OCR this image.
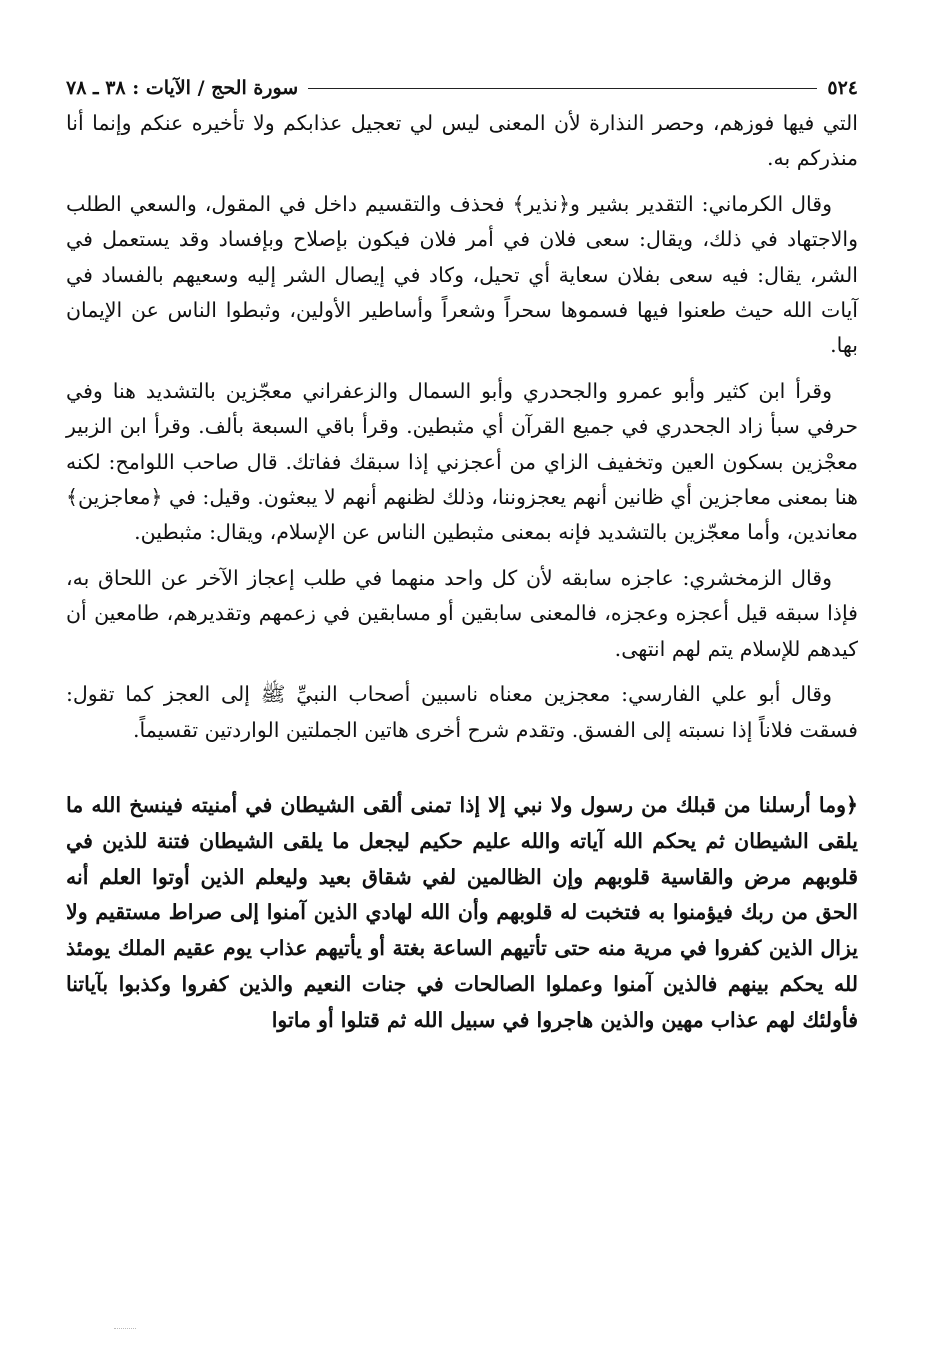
٥٢٤
سورة الحج / الآيات : ٣٨ ـ ٧٨

التي فيها فوزهم، وحصر النذارة لأن المعنى ليس لي تعجيل عذابكم ولا تأخيره عنكم وإنما أنا منذركم به.

وقال الكرماني: التقدير بشير و﴿نذير﴾ فحذف والتقسيم داخل في المقول، والسعي الطلب والاجتهاد في ذلك، ويقال: سعى فلان في أمر فلان فيكون بإصلاح وبإفساد وقد يستعمل في الشر، يقال: فيه سعى بفلان سعاية أي تحيل، وكاد في إيصال الشر إليه وسعيهم بالفساد في آيات الله حيث طعنوا فيها فسموها سحراً وشعراً وأساطير الأولين، وثبطوا الناس عن الإيمان بها.

وقرأ ابن كثير وأبو عمرو والجحدري وأبو السمال والزعفراني معجّزين بالتشديد هنا وفي حرفي سبأ زاد الجحدري في جميع القرآن أي مثبطين. وقرأ باقي السبعة بألف. وقرأ ابن الزبير معجْزين بسكون العين وتخفيف الزاي من أعجزني إذا سبقك ففاتك. قال صاحب اللوامح: لكنه هنا بمعنى معاجزين أي ظانين أنهم يعجزوننا، وذلك لظنهم أنهم لا يبعثون. وقيل: في ﴿معاجزين﴾ معاندين، وأما معجّزين بالتشديد فإنه بمعنى مثبطين الناس عن الإسلام، ويقال: مثبطين.

وقال الزمخشري: عاجزه سابقه لأن كل واحد منهما في طلب إعجاز الآخر عن اللحاق به، فإذا سبقه قيل أعجزه وعجزه، فالمعنى سابقين أو مسابقين في زعمهم وتقديرهم، طامعين أن كيدهم للإسلام يتم لهم انتهى.

وقال أبو علي الفارسي: معجزين معناه ناسبين أصحاب النبيِّ ﷺ إلى العجز كما تقول: فسقت فلاناً إذا نسبته إلى الفسق. وتقدم شرح أخرى هاتين الجملتين الواردتين تقسيماً.

﴿وما أرسلنا من قبلك من رسول ولا نبي إلا إذا تمنى ألقى الشيطان في أمنيته فينسخ الله ما يلقى الشيطان ثم يحكم الله آياته والله عليم حكيم ليجعل ما يلقى الشيطان فتنة للذين في قلوبهم مرض والقاسية قلوبهم وإن الظالمين لفي شقاق بعيد وليعلم الذين أوتوا العلم أنه الحق من ربك فيؤمنوا به فتخبت له قلوبهم وأن الله لهادي الذين آمنوا إلى صراط مستقيم ولا يزال الذين كفروا في مرية منه حتى تأتيهم الساعة بغتة أو يأتيهم عذاب يوم عقيم الملك يومئذ لله يحكم بينهم فالذين آمنوا وعملوا الصالحات في جنات النعيم والذين كفروا وكذبوا بآياتنا فأولئك لهم عذاب مهين والذين هاجروا في سبيل الله ثم قتلوا أو ماتوا
